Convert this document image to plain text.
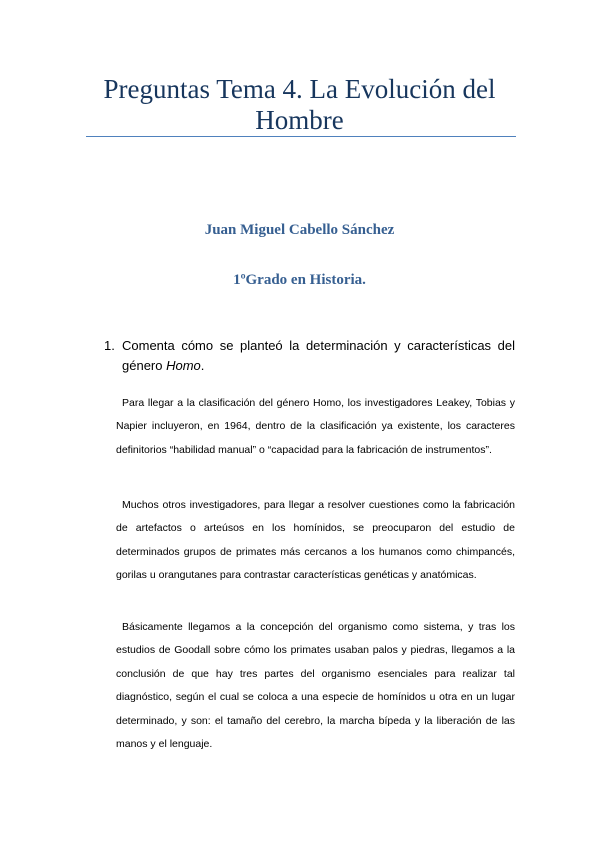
Preguntas Tema 4. La Evolución del Hombre
Juan Miguel Cabello Sánchez
1ºGrado en Historia.
1. Comenta cómo se planteó la determinación y características del género Homo.

Para llegar a la clasificación del género Homo, los investigadores Leakey, Tobias y Napier incluyeron, en 1964, dentro de la clasificación ya existente, los caracteres definitorios “habilidad manual” o “capacidad para la fabricación de instrumentos”.

Muchos otros investigadores, para llegar a resolver cuestiones como la fabricación de artefactos o arteúsos en los homínidos, se preocuparon del estudio de determinados grupos de primates más cercanos a los humanos como chimpancés, gorilas u orangutanes para contrastar características genéticas y anatómicas.

Básicamente llegamos a la concepción del organismo como sistema, y tras los estudios de Goodall sobre cómo los primates usaban palos y piedras, llegamos a la conclusión de que hay tres partes del organismo esenciales para realizar tal diagnóstico, según el cual se coloca a una especie de homínidos u otra en un lugar determinado, y son: el tamaño del cerebro, la marcha bípeda y la liberación de las manos y el lenguaje.
